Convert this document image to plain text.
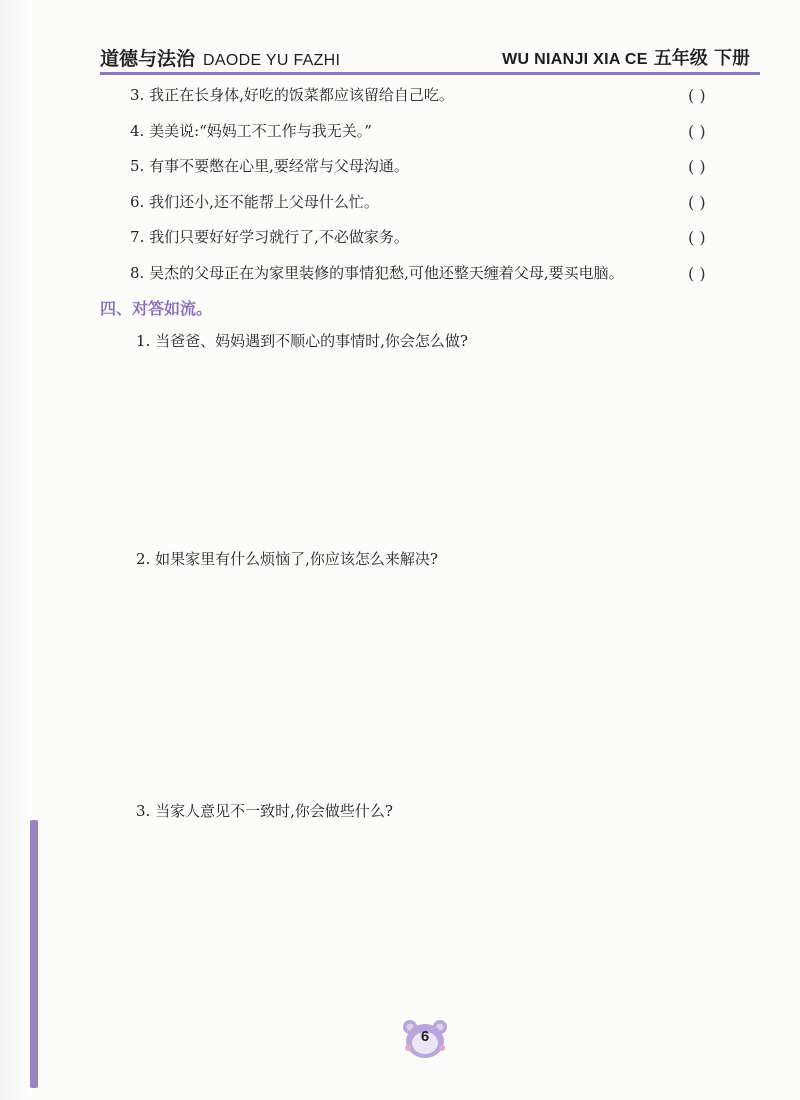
道德与法治 DAODE YU FAZHI	WU NIANJI XIA CE 五年级 下册
3. 我正在长身体,好吃的饭菜都应该留给自己吃。	( )
4. 美美说:“妈妈工不工作与我无关。”	( )
5. 有事不要憋在心里,要经常与父母沟通。	( )
6. 我们还小,还不能帮上父母什么忙。	( )
7. 我们只要好好学习就行了,不必做家务。	( )
8. 吴杰的父母正在为家里装修的事情犯愁,可他还整天缠着父母,要买电脑。	( )
四、对答如流。
1. 当爸爸、妈妈遇到不顺心的事情时,你会怎么做?
2. 如果家里有什么烦恼了,你应该怎么来解决?
3. 当家人意见不一致时,你会做些什么?
6
